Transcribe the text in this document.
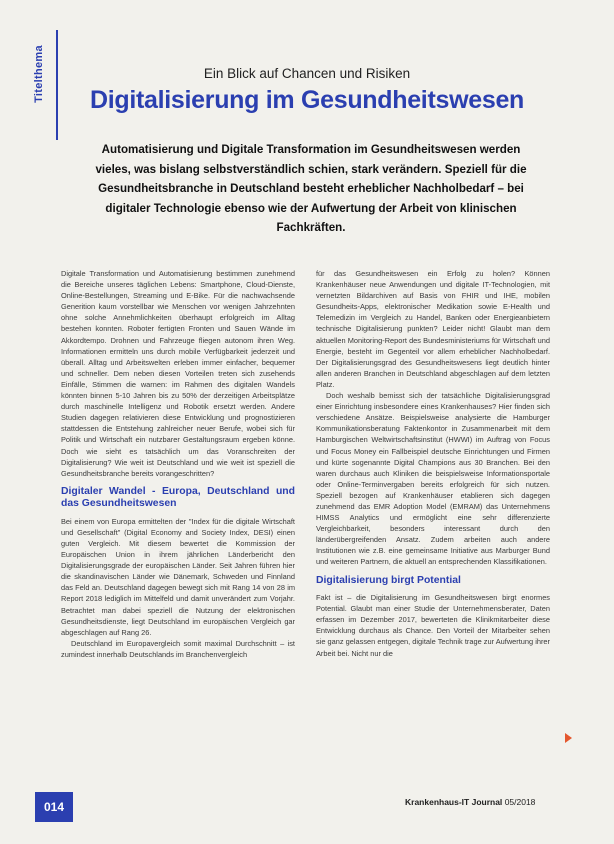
Titelthema	Ein Blick auf Chancen und Risiken
Digitalisierung im Gesundheitswesen
Automatisierung und Digitale Transformation im Gesundheitswesen werden vieles, was bislang selbstverständlich schien, stark verändern. Speziell für die Gesundheitsbranche in Deutschland besteht erheblicher Nachholbedarf – bei digitaler Technologie ebenso wie der Aufwertung der Arbeit von klinischen Fachkräften.

Digitale Transformation und Automatisierung bestimmen zunehmend die Bereiche unseres täglichen Lebens: Smartphone, Cloud-Dienste, Online-Bestellungen, Streaming und E-Bike. Für die nachwachsende Generition kaum vorstellbar wie Menschen vor wenigen Jahrzehnten ohne solche Annehmlichkeiten überhaupt erfolgreich im Alltag bestehen konnten. Roboter fertigten Fronten und Sauen Wände im Akkordtempo. Drohnen und Fahrzeuge fliegen autonom ihren Weg. Informationen ermitteln uns durch mobile Verfügbarkeit jederzeit und überall. Alltag und Arbeitswelten erleben immer einfacher, bequemer und schneller. Dem neben diesen Vorteilen treten sich zusehends Einfälle, Stimmen die warnen: im Rahmen des digitalen Wandels könnten binnen 5-10 Jahren bis zu 50% der derzeitigen Arbeitsplätze durch maschinelle Intelligenz und Robotik ersetzt werden. Andere Studien dagegen relativieren diese Entwicklung und prognostizieren stattdessen die Entstehung zahlreicher neuer Berufe, wobei sich für Politik und Wirtschaft ein nutzbarer Gestaltungsraum ergeben könne. Doch wie sieht es tatsächlich um das Voranschreiten der Digitalisierung? Wie weit ist Deutschland und wie weit ist speziell die Gesundheitsbranche bereits vorangeschritten?

Digitaler Wandel - Europa, Deutschland und das Gesundheitswesen

Bei einem von Europa ermittelten der "Index für die digitale Wirtschaft und Gesellschaft" (Digital Economy and Society Index, DESI) einen guten Vergleich. Mit diesem bewertet die Kommission der Europäischen Union in ihrem jährlichen Länderbericht den Digitalisierungsgrade der europäischen Länder. Seit Jahren führen hier die skandinavischen Länder wie Dänemark, Schweden und Finnland das Feld an. Deutschland dagegen bewegt sich mit Rang 14 von 28 im Report 2018 lediglich im Mittelfeld und damit unverändert zum Vorjahr. Betrachtet man dabei speziell die Nutzung der elektronischen Gesundheitsdienste, liegt Deutschland im europäischen Vergleich gar abgeschlagen auf Rang 26.

Deutschland im Europavergleich somit maximal Durchschnitt – ist zumindest innerhalb Deutschlands im Branchenvergleich

für das Gesundheitswesen ein Erfolg zu holen? Können Krankenhäuser neue Anwendungen und digitale IT-Technologien, mit vernetzten Bildarchiven auf Basis von FHIR und IHE, mobilen Gesundheits-Apps, elektronischer Medikation sowie E-Health und Telemedizin im Vergleich zu Handel, Banken oder Energieanbietern technische Digitalisierung punkten? Leider nicht! Glaubt man dem aktuellen Monitoring-Report des Bundesministeriums für Wirtschaft und Energie, besteht im Gegenteil vor allem erheblicher Nachholbedarf. Der Digitalisierungsgrad des Gesundheitswesens liegt deutlich hinter allen anderen Branchen in Deutschland abgeschlagen auf dem letzten Platz.

Doch weshalb bemisst sich der tatsächliche Digitalisierungsgrad einer Einrichtung insbesondere eines Krankenhauses? Hier finden sich verschiedene Ansätze. Beispielsweise analysierte die Hamburger Kommunikationsberatung Faktenkontor in Zusammenarbeit mit dem Hamburgischen Weltwirtschaftsinstitut (HWWI) im Auftrag von Focus und Focus Money ein Fallbeispiel deutsche Einrichtungen und Firmen und kürte sogenannte Digital Champions aus 30 Branchen. Bei den waren durchaus auch Kliniken die beispielsweise Informationsportale oder Online-Terminvergaben bereits erfolgreich für sich nutzen. Speziell bezogen auf Krankenhäuser etablieren sich dagegen zunehmend das EMR Adoption Model (EMRAM) das Unternehmens HIMSS Analytics und ermöglicht eine sehr differenzierte Vergleichbarkeit, besonders interessant durch den länderübergreifenden Ansatz. Zudem arbeiten auch andere Institutionen wie z.B. eine gemeinsame Initiative aus Marburger Bund und weiteren Partnern, die aktuell an entsprechenden Klassifikationen.

Digitalisierung birgt Potential

Fakt ist – die Digitalisierung im Gesundheitswesen birgt enormes Potential. Glaubt man einer Studie der Unternehmensberater, Daten erfassen im Dezember 2017, bewerteten die Klinikmitarbeiter diese Entwicklung durchaus als Chance. Den Vorteil der Mitarbeiter sehen sie ganz gelassen entgegen, digitale Technik trage zur Aufwertung ihrer Arbeit bei. Nicht nur die

014	Krankenhaus-IT Journal 05/2018
